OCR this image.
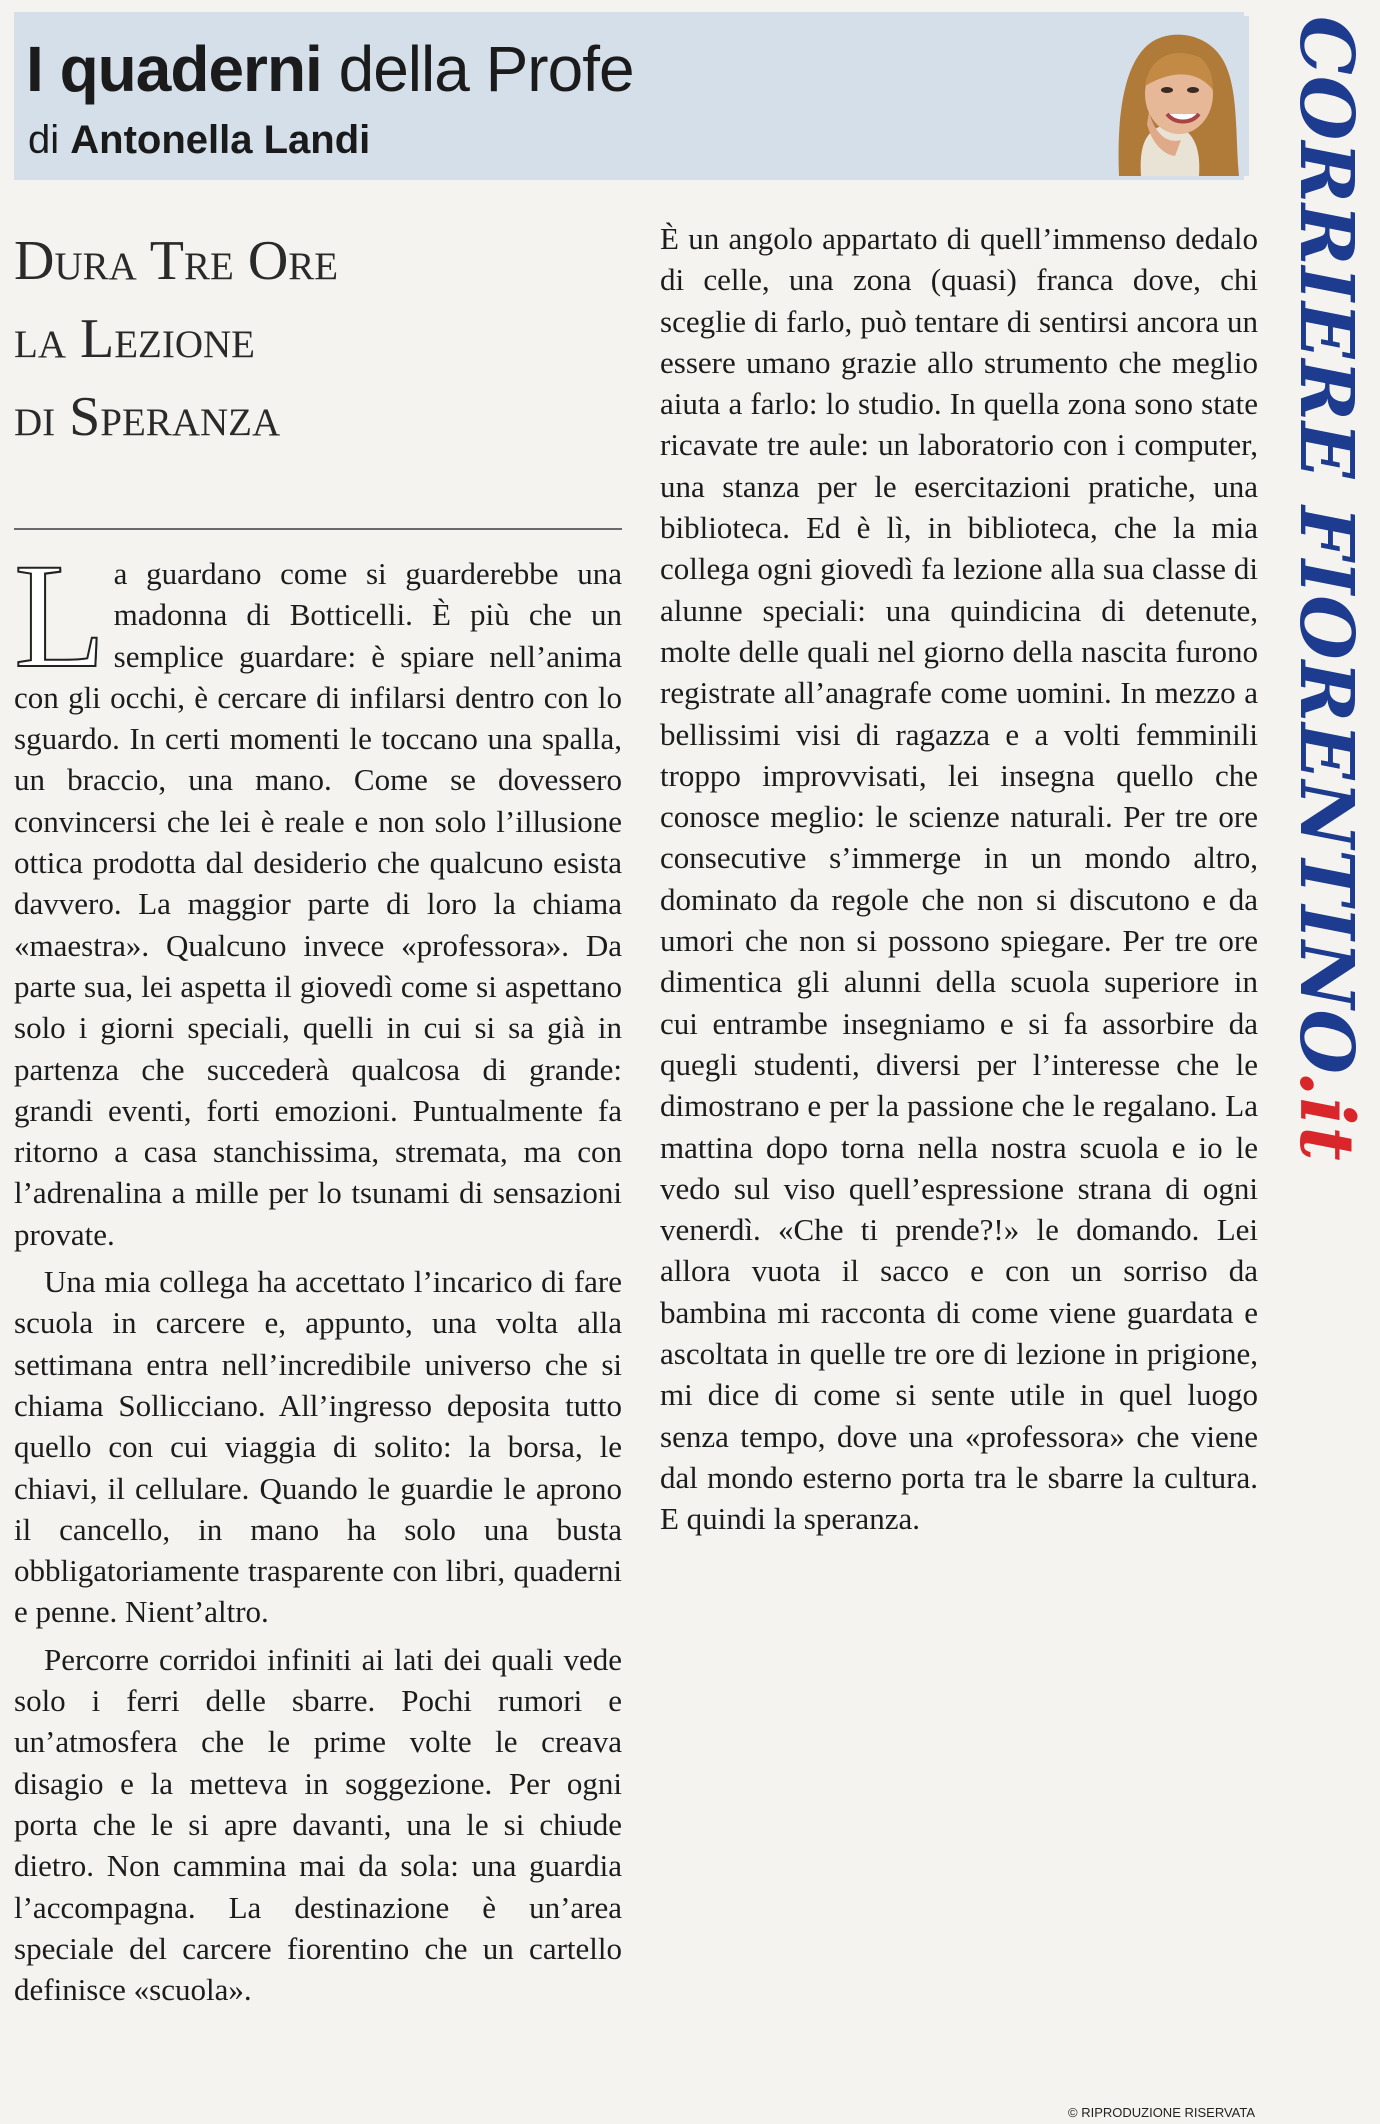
I quaderni della Profe
di Antonella Landi	CORRIERE FIORENTINO.it
Dura Tre Ore
la Lezione
di Speranza

La guardano come si guarderebbe una madonna di Botticelli. È più che un semplice guardare: è spiare nell’anima con gli occhi, è cercare di infilarsi dentro con lo sguardo. In certi momenti le toccano una spalla, un braccio, una mano. Come se dovessero convincersi che lei è reale e non solo l’illusione ottica prodotta dal desiderio che qualcuno esista davvero. La maggior parte di loro la chiama «maestra». Qualcuno invece «professora». Da parte sua, lei aspetta il giovedì come si aspettano solo i giorni speciali, quelli in cui si sa già in partenza che succederà qualcosa di grande: grandi eventi, forti emozioni. Puntualmente fa ritorno a casa stanchissima, stremata, ma con l’adrenalina a mille per lo tsunami di sensazioni provate.

Una mia collega ha accettato l’incarico di fare scuola in carcere e, appunto, una volta alla settimana entra nell’incredibile universo che si chiama Sollicciano. All’ingresso deposita tutto quello con cui viaggia di solito: la borsa, le chiavi, il cellulare. Quando le guardie le aprono il cancello, in mano ha solo una busta obbligatoriamente trasparente con libri, quaderni e penne. Nient’altro.

Percorre corridoi infiniti ai lati dei quali vede solo i ferri delle sbarre. Pochi rumori e un’atmosfera che le prime volte le creava disagio e la metteva in soggezione. Per ogni porta che le si apre davanti, una le si chiude dietro. Non cammina mai da sola: una guardia l’accompagna. La destinazione è un’area speciale del carcere fiorentino che un cartello definisce «scuola».

È un angolo appartato di quell’immenso dedalo di celle, una zona (quasi) franca dove, chi sceglie di farlo, può tentare di sentirsi ancora un essere umano grazie allo strumento che meglio aiuta a farlo: lo studio. In quella zona sono state ricavate tre aule: un laboratorio con i computer, una stanza per le esercitazioni pratiche, una biblioteca. Ed è lì, in biblioteca, che la mia collega ogni giovedì fa lezione alla sua classe di alunne speciali: una quindicina di detenute, molte delle quali nel giorno della nascita furono registrate all’anagrafe come uomini. In mezzo a bellissimi visi di ragazza e a volti femminili troppo improvvisati, lei insegna quello che conosce meglio: le scienze naturali. Per tre ore consecutive s’immerge in un mondo altro, dominato da regole che non si discutono e da umori che non si possono spiegare. Per tre ore dimentica gli alunni della scuola superiore in cui entrambe insegniamo e si fa assorbire da quegli studenti, diversi per l’interesse che le dimostrano e per la passione che le regalano. La mattina dopo torna nella nostra scuola e io le vedo sul viso quell’espressione strana di ogni venerdì. «Che ti prende?!» le domando. Lei allora vuota il sacco e con un sorriso da bambina mi racconta di come viene guardata e ascoltata in quelle tre ore di lezione in prigione, mi dice di come si sente utile in quel luogo senza tempo, dove una «professora» che viene dal mondo esterno porta tra le sbarre la cultura. E quindi la speranza.

© RIPRODUZIONE RISERVATA
